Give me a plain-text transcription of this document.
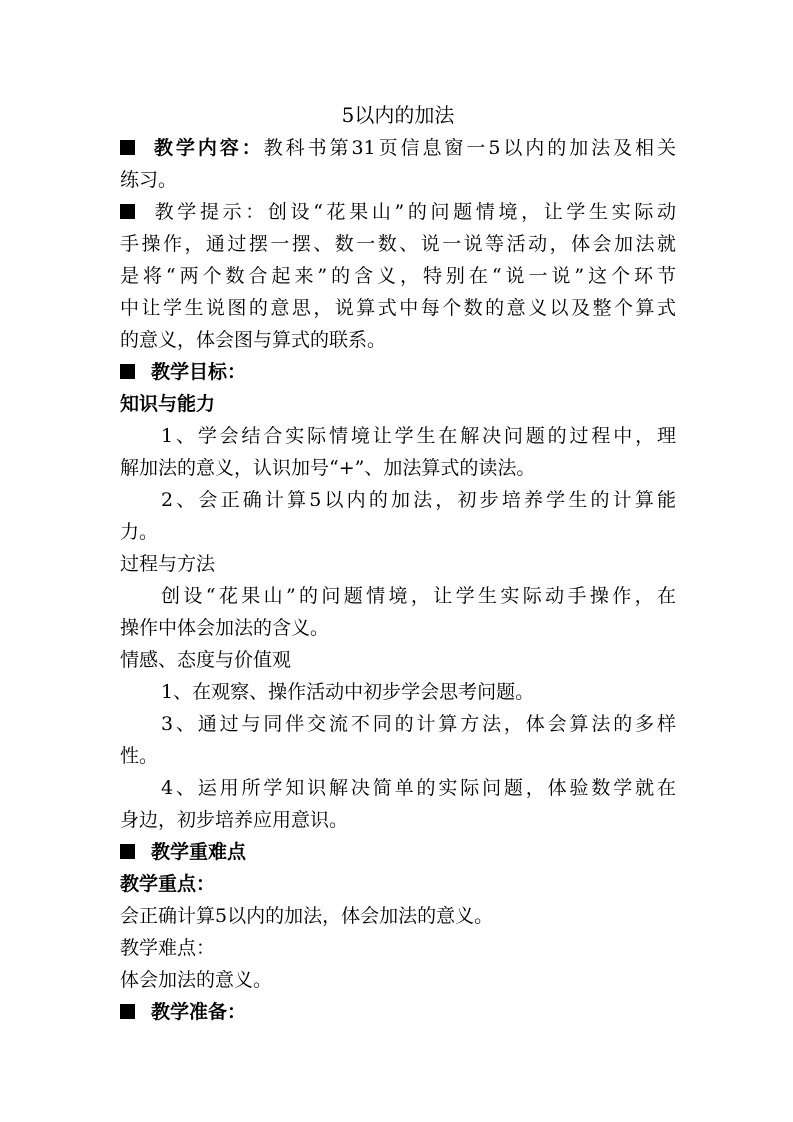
5以内的加法
教学内容：教科书第31页信息窗一5以内的加法及相关
练习。
教学提示：创设“花果山”的问题情境，让学生实际动
手操作，通过摆一摆、数一数、说一说等活动，体会加法就
是将“两个数合起来”的含义，特别在“说一说”这个环节
中让学生说图的意思，说算式中每个数的意义以及整个算式
的意义，体会图与算式的联系。
教学目标：
知识与能力
1、学会结合实际情境让学生在解决问题的过程中，理
解加法的意义，认识加号“+”、加法算式的读法。
2、会正确计算5以内的加法，初步培养学生的计算能
力。
过程与方法
创设“花果山”的问题情境，让学生实际动手操作，在
操作中体会加法的含义。
情感、态度与价值观
1、在观察、操作活动中初步学会思考问题。
3、通过与同伴交流不同的计算方法，体会算法的多样
性。
4、运用所学知识解决简单的实际问题，体验数学就在
身边，初步培养应用意识。
教学重难点
教学重点：
会正确计算5以内的加法，体会加法的意义。
教学难点：
体会加法的意义。
教学准备：
